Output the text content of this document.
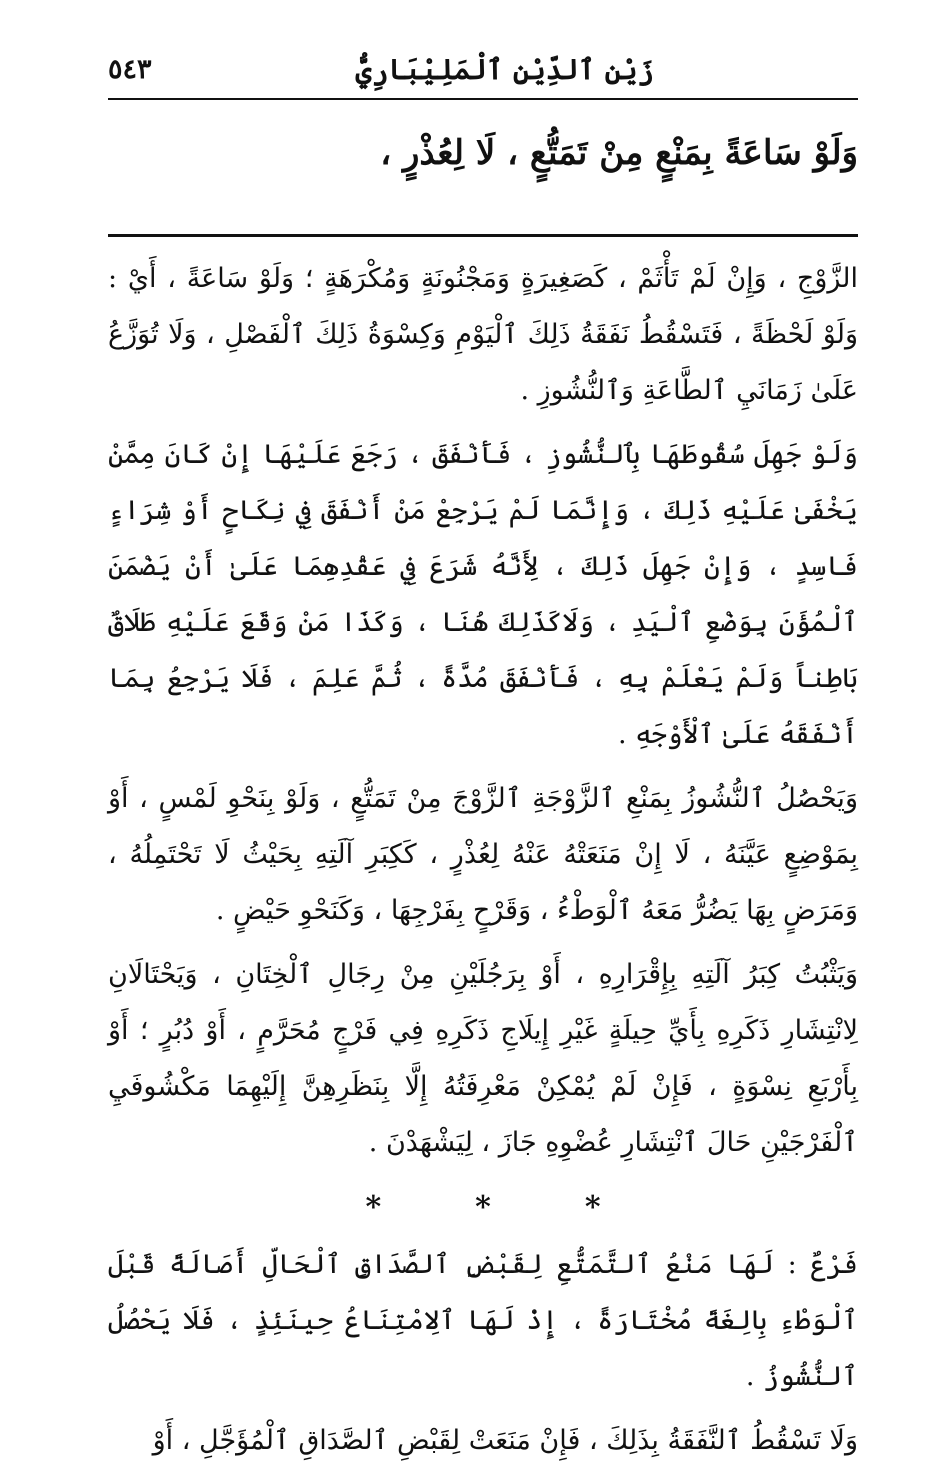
زَيْن ٱلدِّيْنِ ٱلْمَلِيْبَارِيُّ
٥٤٣
وَلَوْ سَاعَةً بِمَنْعٍ مِنْ تَمَتُّعٍ ، لَا لِعُذْرٍ ،

الزَّوْجِ ، وَإِنْ لَمْ تَأْثَمْ ، كَصَغِيرَةٍ وَمَجْنُونَةٍ وَمُكْرَهَةٍ ؛ وَلَوْ سَاعَةً ، أَيْ : وَلَوْ لَحْظَةً ، فَتَسْقُطُ نَفَقَةُ ذَلِكَ ٱلْيَوْمِ وَكِسْوَةُ ذَلِكَ ٱلْفَصْلِ ، وَلَا تُوَزَّعُ عَلَىٰ زَمَانَيِ ٱلطَّاعَةِ وَٱلنُّشُوزِ .

وَلَوْ جَهِلَ سُقُوطَهَا بِٱلنُّشُوزِ ، فَأَنْفَقَ ، رَجَعَ عَلَيْهَا إِنْ كَانَ مِمَّنْ يَخْفَىٰ عَلَيْهِ ذَلِكَ ، وَإِنَّمَا لَمْ يَرْجِعْ مَنْ أَنْفَقَ فِي نِكَاحٍ أَوْ شِرَاءٍ فَاسِدٍ ، وَإِنْ جَهِلَ ذَلِكَ ، لِأَنَّهُ شَرَعَ فِي عَقْدِهِمَا عَلَىٰ أَنْ يَضْمَنَ ٱلْمُؤَنَ بِوَضْعِ ٱلْيَدِ ، وَلَاكَذَلِكَ هُنَا ، وَكَذَا مَنْ وَقَعَ عَلَيْهِ طَلَاقٌ بَاطِناً وَلَمْ يَعْلَمْ بِهِ ، فَأَنْفَقَ مُدَّةً ، ثُمَّ عَلِمَ ، فَلَا يَرْجِعُ بِمَا أَنْفَقَهُ عَلَىٰ ٱلْأَوْجَهِ .

وَيَحْصُلُ ٱلنُّشُوزُ بِمَنْعِ ٱلزَّوْجَةِ ٱلزَّوْجَ مِنْ تَمَتُّعٍ ، وَلَوْ بِنَحْوِ لَمْسٍ ، أَوْ بِمَوْضِعٍ عَيَّنَهُ ، لَا إِنْ مَنَعَتْهُ عَنْهُ لِعُذْرٍ ، كَكِبَرِ آلَتِهِ بِحَيْثُ لَا تَحْتَمِلُهُ ، وَمَرَضٍ بِهَا يَضُرُّ مَعَهُ ٱلْوَطْءُ ، وَقَرْحٍ بِفَرْجِهَا ، وَكَنَحْوِ حَيْضٍ .

وَيَثْبُتُ كِبَرُ آلَتِهِ بِإِقْرَارِهِ ، أَوْ بِرَجُلَيْنِ مِنْ رِجَالِ ٱلْخِتَانِ ، وَيَحْتَالَانِ لِانْتِشَارِ ذَكَرِهِ بِأَيِّ حِيلَةٍ غَيْرِ إِيلَاجِ ذَكَرِهِ فِي فَرْجٍ مُحَرَّمٍ ، أَوْ دُبُرٍ ؛ أَوْ بِأَرْبَعِ نِسْوَةٍ ، فَإِنْ لَمْ يُمْكِنْ مَعْرِفَتُهُ إِلَّا بِنَظَرِهِنَّ إِلَيْهِمَا مَكْشُوفَيِ ٱلْفَرْجَيْنِ حَالَ ٱنْتِشَارِ عُضْوِهِ جَازَ ، لِيَشْهَدْنَ .

*
*
*

فَرْعٌ : لَهَا مَنْعُ ٱلتَّمَتُّعِ لِقَبْضِ ٱلصَّدَاقِ ٱلْحَالِّ أَصَالَةً قَبْلَ ٱلْوَطْءِ بِالِغَةً مُخْتَارَةً ، إِذْ لَهَا ٱلِامْتِنَاعُ حِينَئِذٍ ، فَلَا يَحْصُلُ ٱلنُّشُوزُ .

وَلَا تَسْقُطُ ٱلنَّفَقَةُ بِذَلِكَ ، فَإِنْ مَنَعَتْ لِقَبْضِ ٱلصَّدَاقِ ٱلْمُؤَجَّلِ ، أَوْ
